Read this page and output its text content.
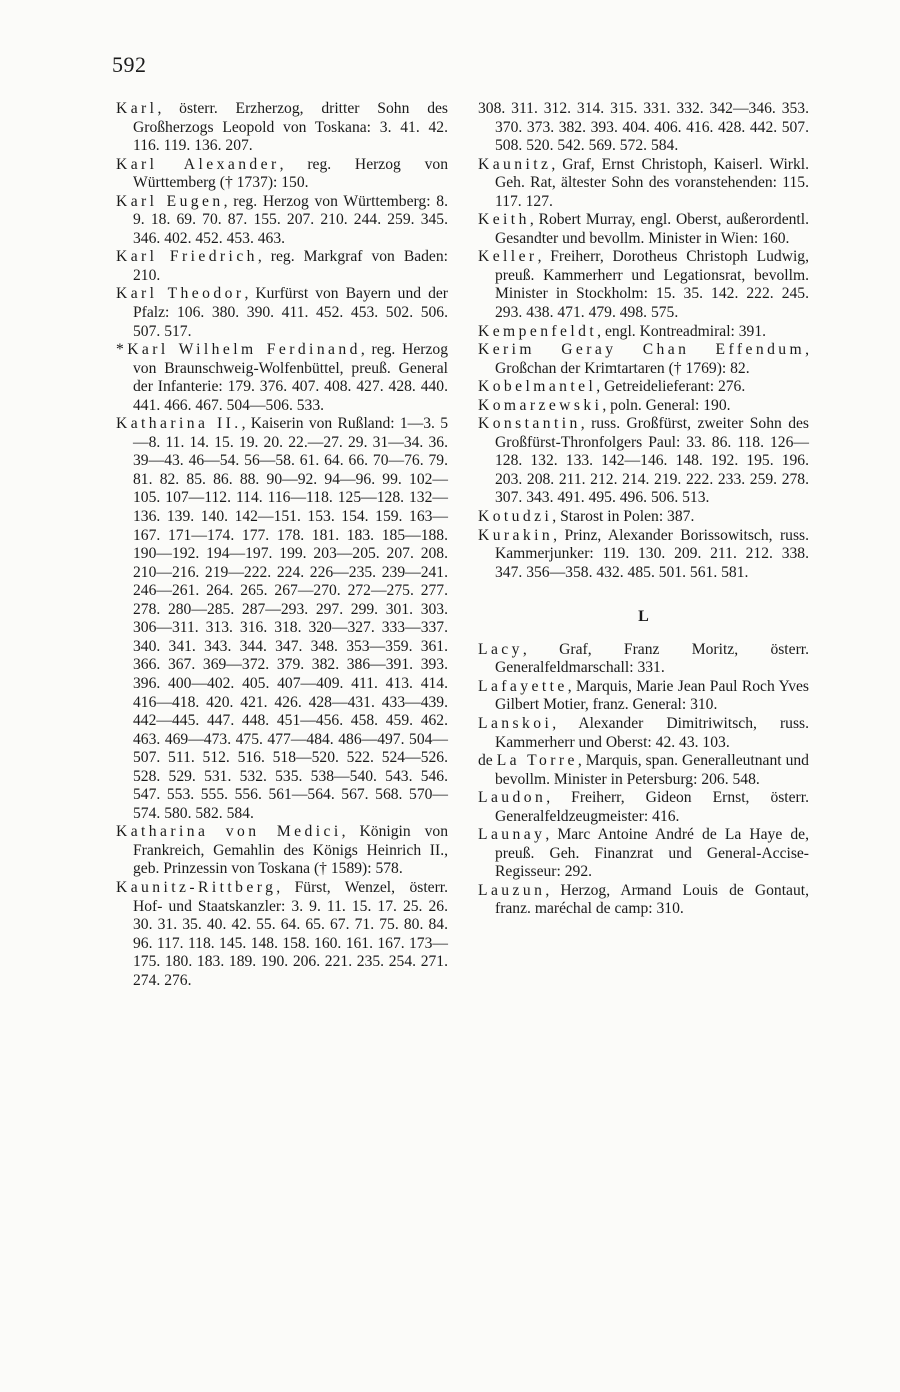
592

Karl, österr. Erzherzog, dritter Sohn des Großherzogs Leopold von Toskana: 3. 41. 42. 116. 119. 136. 207.

Karl Alexander, reg. Herzog von Württemberg († 1737): 150.

Karl Eugen, reg. Herzog von Württemberg: 8. 9. 18. 69. 70. 87. 155. 207. 210. 244. 259. 345. 346. 402. 452. 453. 463.

Karl Friedrich, reg. Markgraf von Baden: 210.

Karl Theodor, Kurfürst von Bayern und der Pfalz: 106. 380. 390. 411. 452. 453. 502. 506. 507. 517.

*Karl Wilhelm Ferdinand, reg. Herzog von Braunschweig-Wolfenbüttel, preuß. General der Infanterie: 179. 376. 407. 408. 427. 428. 440. 441. 466. 467. 504—506. 533.

Katharina II., Kaiserin von Rußland: 1—3. 5—8. 11. 14. 15. 19. 20. 22.—27. 29. 31—34. 36. 39—43. 46—54. 56—58. 61. 64. 66. 70—76. 79. 81. 82. 85. 86. 88. 90—92. 94—96. 99. 102—105. 107—112. 114. 116—118. 125—128. 132—136. 139. 140. 142—151. 153. 154. 159. 163—167. 171—174. 177. 178. 181. 183. 185—188. 190—192. 194—197. 199. 203—205. 207. 208. 210—216. 219—222. 224. 226—235. 239—241. 246—261. 264. 265. 267—270. 272—275. 277. 278. 280—285. 287—293. 297. 299. 301. 303. 306—311. 313. 316. 318. 320—327. 333—337. 340. 341. 343. 344. 347. 348. 353—359. 361. 366. 367. 369—372. 379. 382. 386—391. 393. 396. 400—402. 405. 407—409. 411. 413. 414. 416—418. 420. 421. 426. 428—431. 433—439. 442—445. 447. 448. 451—456. 458. 459. 462. 463. 469—473. 475. 477—484. 486—497. 504—507. 511. 512. 516. 518—520. 522. 524—526. 528. 529. 531. 532. 535. 538—540. 543. 546. 547. 553. 555. 556. 561—564. 567. 568. 570—574. 580. 582. 584.

Katharina von Medici, Königin von Frankreich, Gemahlin des Königs Heinrich II., geb. Prinzessin von Toskana († 1589): 578.

Kaunitz-Rittberg, Fürst, Wenzel, österr. Hof- und Staatskanzler: 3. 9. 11. 15. 17. 25. 26. 30. 31. 35. 40. 42. 55. 64. 65. 67. 71. 75. 80. 84. 96. 117. 118. 145. 148. 158. 160. 161. 167. 173—175. 180. 183. 189. 190. 206. 221. 235. 254. 271. 274. 276.

308. 311. 312. 314. 315. 331. 332. 342—346. 353. 370. 373. 382. 393. 404. 406. 416. 428. 442. 507. 508. 520. 542. 569. 572. 584.

Kaunitz, Graf, Ernst Christoph, Kaiserl. Wirkl. Geh. Rat, ältester Sohn des voranstehenden: 115. 117. 127.

Keith, Robert Murray, engl. Oberst, außerordentl. Gesandter und bevollm. Minister in Wien: 160.

Keller, Freiherr, Dorotheus Christoph Ludwig, preuß. Kammerherr und Legationsrat, bevollm. Minister in Stockholm: 15. 35. 142. 222. 245. 293. 438. 471. 479. 498. 575.

Kempenfeldt, engl. Kontreadmiral: 391.

Kerim Geray Chan Effendum, Großchan der Krimtartaren († 1769): 82.

Kobelmantel, Getreidelieferant: 276.

Komarzewski, poln. General: 190.

Konstantin, russ. Großfürst, zweiter Sohn des Großfürst-Thronfolgers Paul: 33. 86. 118. 126—128. 132. 133. 142—146. 148. 192. 195. 196. 203. 208. 211. 212. 214. 219. 222. 233. 259. 278. 307. 343. 491. 495. 496. 506. 513.

Kotudzi, Starost in Polen: 387.

Kurakin, Prinz, Alexander Borissowitsch, russ. Kammerjunker: 119. 130. 209. 211. 212. 338. 347. 356—358. 432. 485. 501. 561. 581.

L

Lacy, Graf, Franz Moritz, österr. Generalfeldmarschall: 331.

Lafayette, Marquis, Marie Jean Paul Roch Yves Gilbert Motier, franz. General: 310.

Lanskoi, Alexander Dimitriwitsch, russ. Kammerherr und Oberst: 42. 43. 103.

de La Torre, Marquis, span. Generalleutnant und bevollm. Minister in Petersburg: 206. 548.

Laudon, Freiherr, Gideon Ernst, österr. Generalfeldzeugmeister: 416.

Launay, Marc Antoine André de La Haye de, preuß. Geh. Finanzrat und General-Accise-Regisseur: 292.

Lauzun, Herzog, Armand Louis de Gontaut, franz. maréchal de camp: 310.
